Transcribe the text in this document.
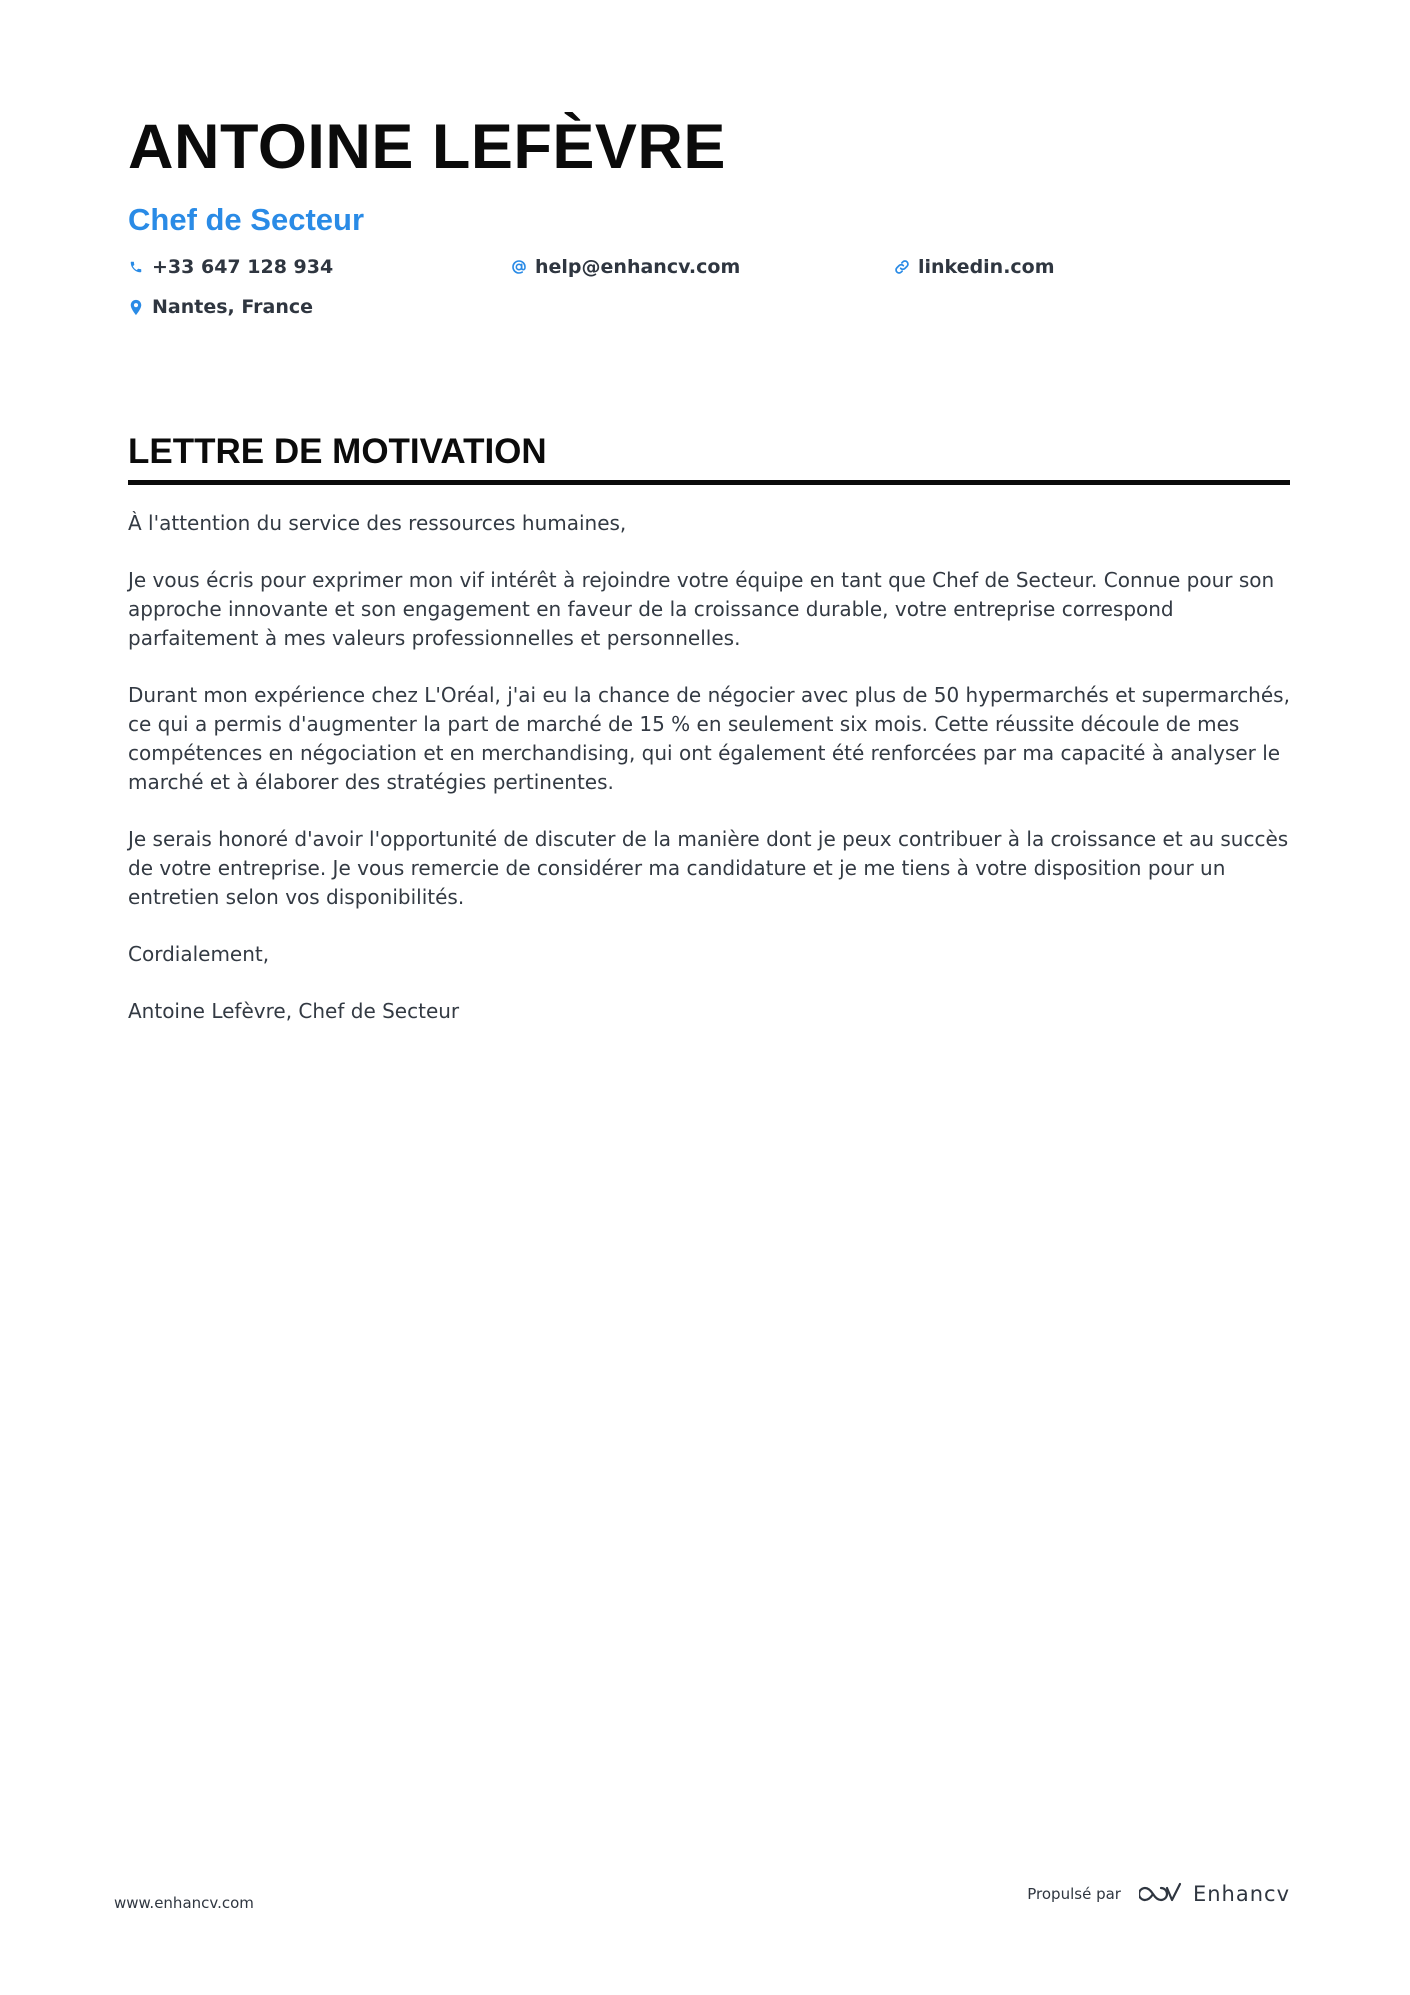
ANTOINE LEFÈVRE
Chef de Secteur
+33 647 128 934	help@enhancv.com	linkedin.com
Nantes, France
LETTRE DE MOTIVATION

À l'attention du service des ressources humaines,

Je vous écris pour exprimer mon vif intérêt à rejoindre votre équipe en tant que Chef de Secteur. Connue pour son approche innovante et son engagement en faveur de la croissance durable, votre entreprise correspond parfaitement à mes valeurs professionnelles et personnelles.

Durant mon expérience chez L'Oréal, j'ai eu la chance de négocier avec plus de 50 hypermarchés et supermarchés, ce qui a permis d'augmenter la part de marché de 15 % en seulement six mois. Cette réussite découle de mes compétences en négociation et en merchandising, qui ont également été renforcées par ma capacité à analyser le marché et à élaborer des stratégies pertinentes.

Je serais honoré d'avoir l'opportunité de discuter de la manière dont je peux contribuer à la croissance et au succès de votre entreprise. Je vous remercie de considérer ma candidature et je me tiens à votre disposition pour un entretien selon vos disponibilités.

Cordialement,

Antoine Lefèvre, Chef de Secteur

www.enhancv.com	Propulsé par	Enhancv
